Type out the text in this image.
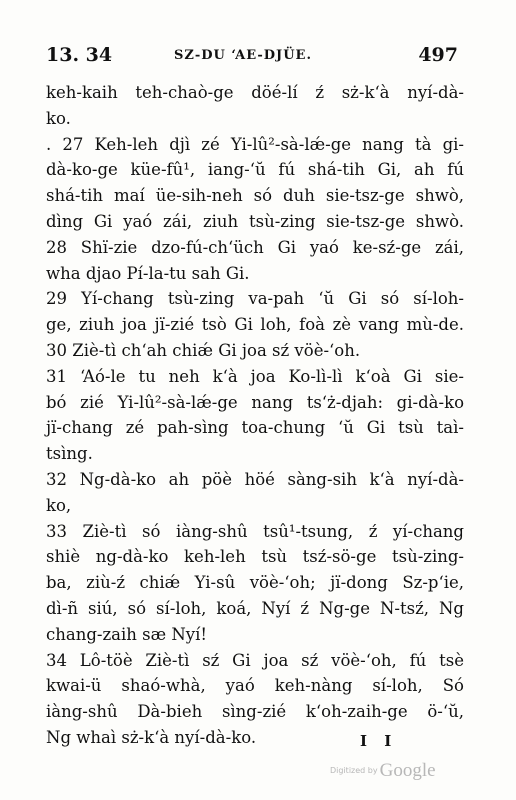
13. 34	SZ-DU ‘AE-DJÜE.	497
keh-kaih teh-chaò-ge döé-lí ź sż-k‘à nyí-dà-
ko.
. 27 Keh-leh djì zé Yi-lû²-sà-lǽ-ge nang tà gi-
dà-ko-ge küe-fû¹, iang-‘ŭ fú shá-tih Gi, ah fú
shá-tih maí üe-sih-neh só duh sie-tsz-ge shwò,
dìng Gi yaó zái, ziuh tsù-zing sie-tsz-ge shwò.
28 Shï-zie dzo-fú-ch‘üch Gi yaó ke-sź-ge zái,
wha djao Pí-la-tu sah Gi.
29 Yí-chang tsù-zing va-pah ‘ŭ Gi só sí-loh-
ge, ziuh joa jï-zié tsò Gi loh, foà zè vang mù-de.
30 Ziè-tì ch‘ah chiǽ Gi joa sź vöè-‘oh.
31 ‘Aó-le tu neh k‘à joa Ko-lì-lì k‘oà Gi sie-
bó zié Yi-lû²-sà-lǽ-ge nang ts‘ż-djah: gi-dà-ko
jï-chang zé pah-sìng toa-chung ‘ŭ Gi tsù taì-
tsìng.
32 Ng-dà-ko ah pöè höé sàng-sih k‘à nyí-dà-
ko,
33 Ziè-tì só iàng-shû tsû¹-tsung, ź yí-chang
shiè ng-dà-ko keh-leh tsù tsź-sö-ge tsù-zing-
ba, ziù-ź chiǽ Yi-sû vöè-‘oh; jï-dong Sz-p‘ie,
dì-ñ siú, só sí-loh, koá, Nyí ź Ng-ge N-tsź, Ng
chang-zaih sæ Nyí!
34 Lô-töè Ziè-tì sź Gi joa sź vöè-‘oh, fú tsè
kwai-ü shaó-whà, yaó keh-nàng sí-loh, Só
iàng-shû Dà-bieh sìng-zié k‘oh-zaih-ge ö-‘ŭ,
Ng whaì sż-k‘à nyí-dà-ko.	I I
Digitized by Google
